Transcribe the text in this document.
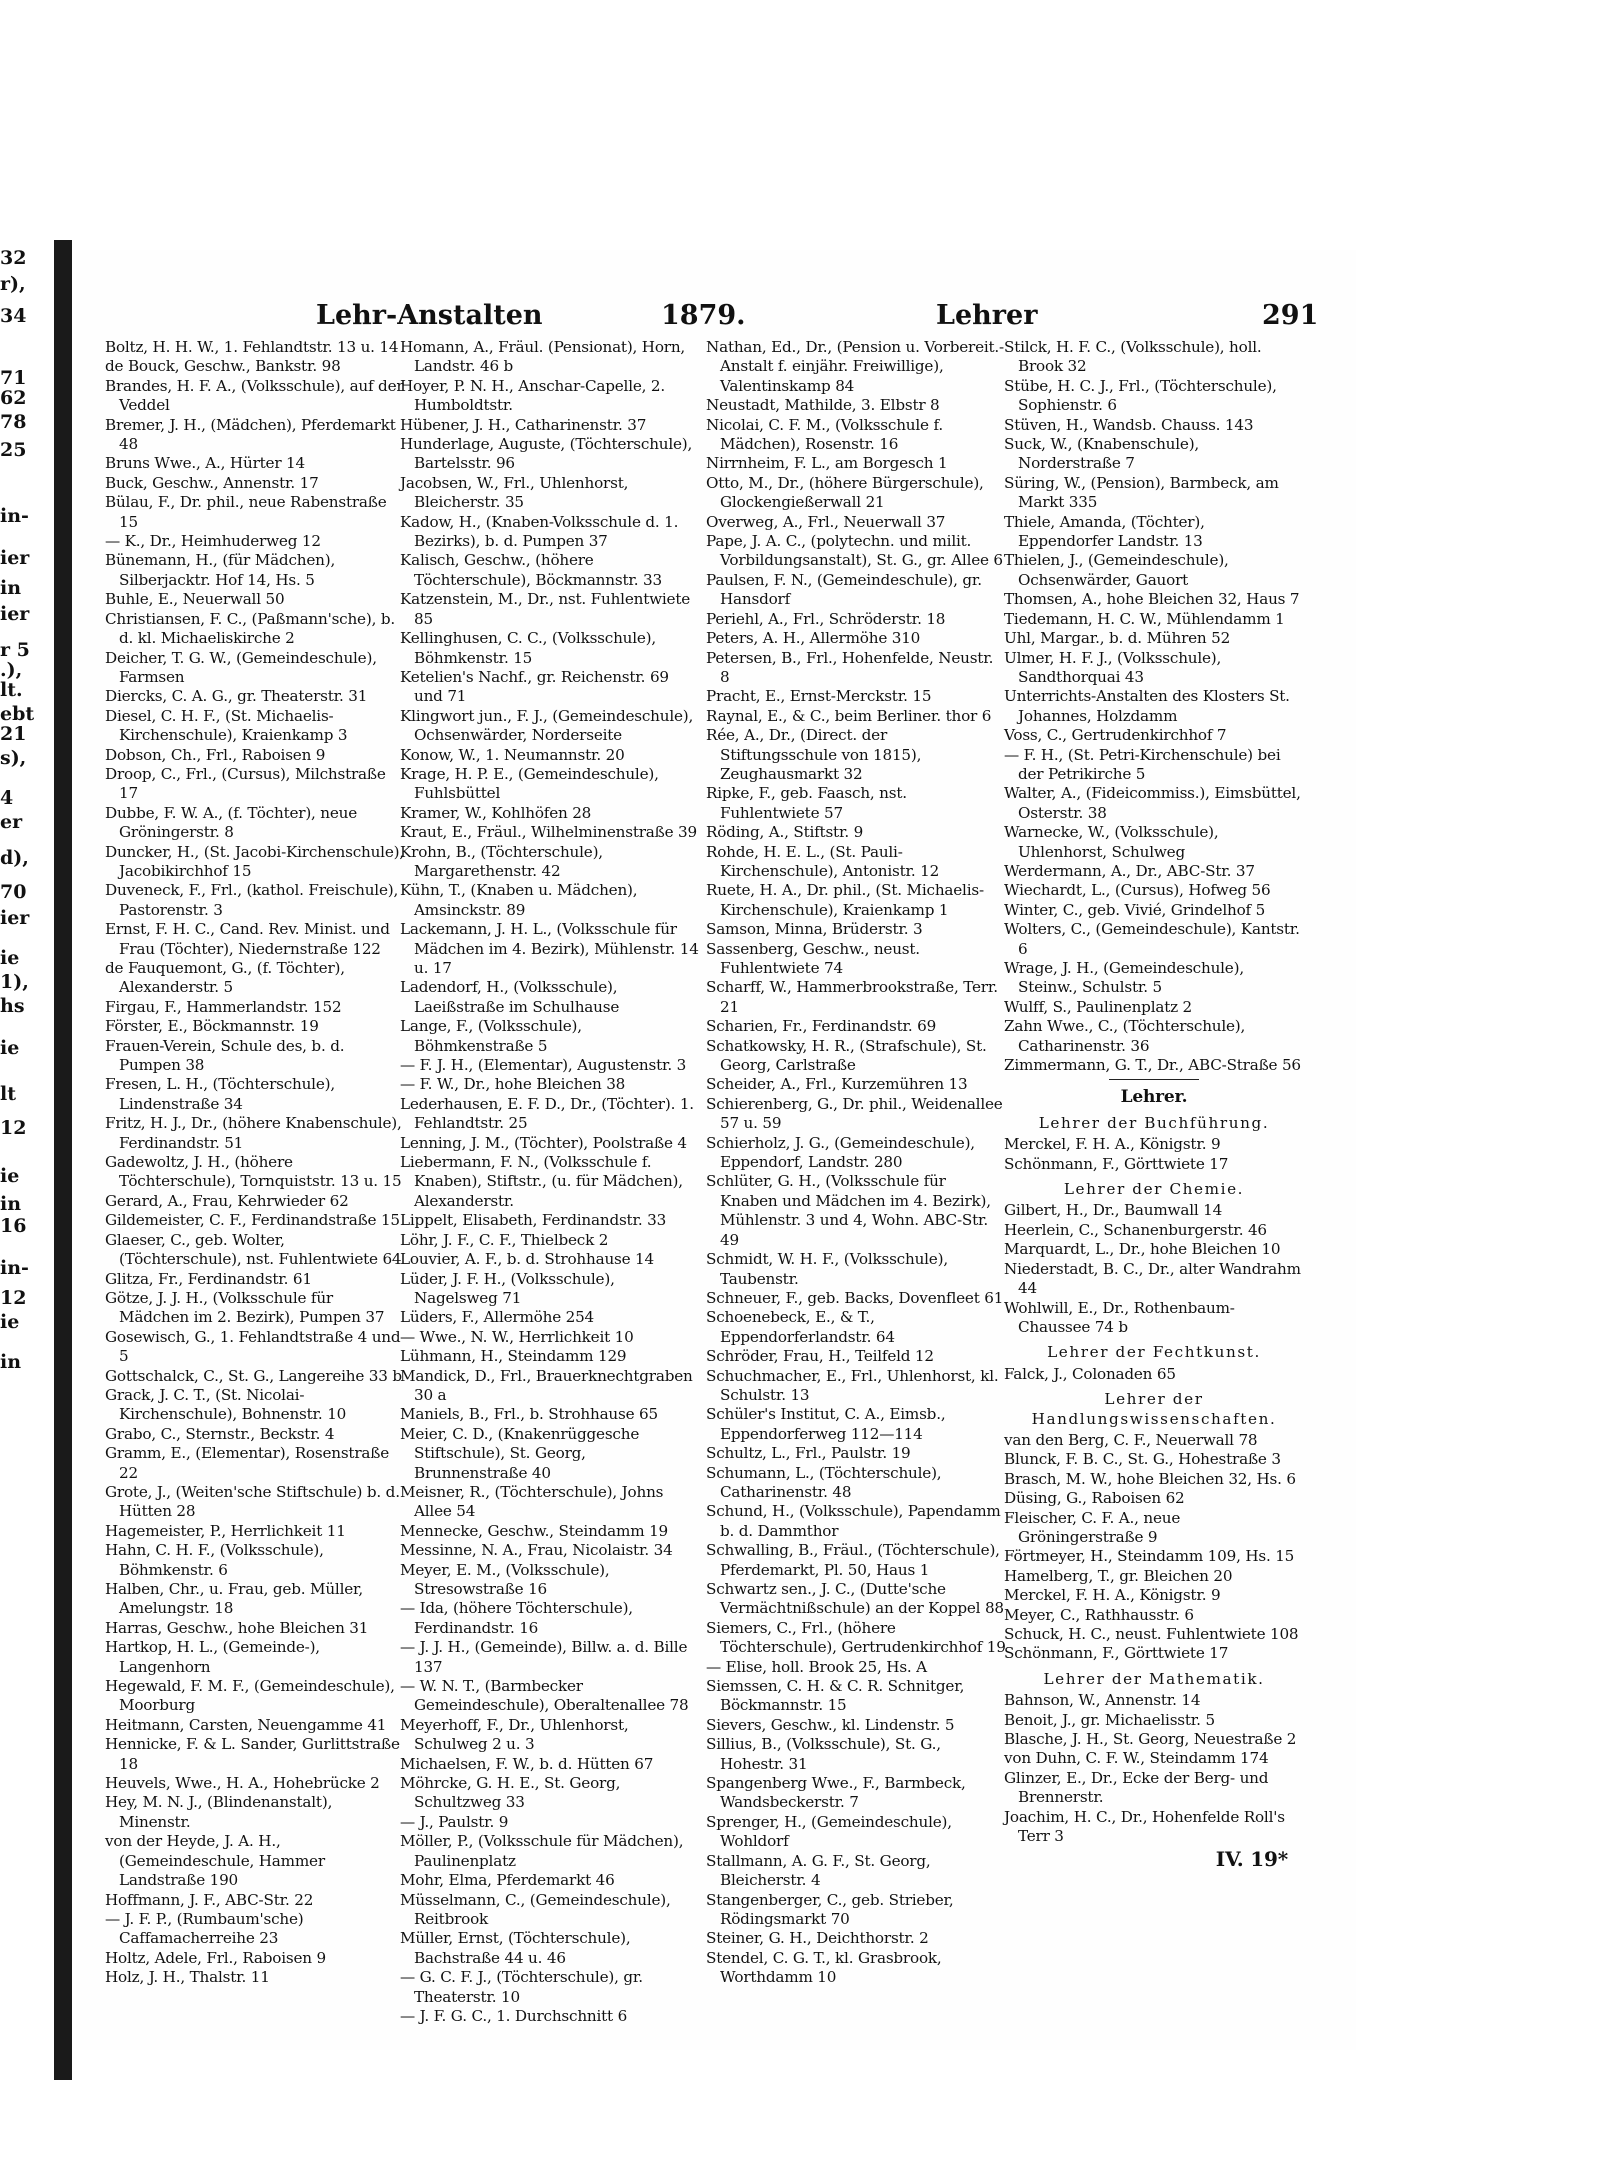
32
r),
34
71
62
78
25
in-
ier
in
ier
r 5
.),
lt.
ebt
21
s),
4
er
d),
70
ier
ie
1),
hs
ie
lt
12
ie
in
16
in-
12
ie
in
Lehr-Anstalten	1879.	Lehrer	291
Boltz, H. H. W., 1. Fehlandtstr. 13 u. 14
de Bouck, Geschw., Bankstr. 98
Brandes, H. F. A., (Volksschule), auf der Veddel
Bremer, J. H., (Mädchen), Pferdemarkt 48
Bruns Wwe., A., Hürter 14
Buck, Geschw., Annenstr. 17
Bülau, F., Dr. phil., neue Rabenstraße 15
— K., Dr., Heimhuderweg 12
Bünemann, H., (für Mädchen), Silberjacktr. Hof 14, Hs. 5
Buhle, E., Neuerwall 50
Christiansen, F. C., (Paßmann'sche), b. d. kl. Michaeliskirche 2
Deicher, T. G. W., (Gemeindeschule), Farmsen
Diercks, C. A. G., gr. Theaterstr. 31
Diesel, C. H. F., (St. Michaelis-Kirchenschule), Kraienkamp 3
Dobson, Ch., Frl., Raboisen 9
Droop, C., Frl., (Cursus), Milchstraße 17
Dubbe, F. W. A., (f. Töchter), neue Gröningerstr. 8
Duncker, H., (St. Jacobi-Kirchenschule), Jacobikirchhof 15
Duveneck, F., Frl., (kathol. Freischule), Pastorenstr. 3
Ernst, F. H. C., Cand. Rev. Minist. und Frau (Töchter), Niedernstraße 122
de Fauquemont, G., (f. Töchter), Alexanderstr. 5
Firgau, F., Hammerlandstr. 152
Förster, E., Böckmannstr. 19
Frauen-Verein, Schule des, b. d. Pumpen 38
Fresen, L. H., (Töchterschule), Lindenstraße 34
Fritz, H. J., Dr., (höhere Knabenschule), Ferdinandstr. 51
Gadewoltz, J. H., (höhere Töchterschule), Tornquiststr. 13 u. 15
Gerard, A., Frau, Kehrwieder 62
Gildemeister, C. F., Ferdinandstraße 15
Glaeser, C., geb. Wolter, (Töchterschule), nst. Fuhlentwiete 64
Glitza, Fr., Ferdinandstr. 61
Götze, J. J. H., (Volksschule für Mädchen im 2. Bezirk), Pumpen 37
Gosewisch, G., 1. Fehlandtstraße 4 und 5
Gottschalck, C., St. G., Langereihe 33 b
Grack, J. C. T., (St. Nicolai-Kirchenschule), Bohnenstr. 10
Grabo, C., Sternstr., Beckstr. 4
Gramm, E., (Elementar), Rosenstraße 22
Grote, J., (Weiten'sche Stiftschule) b. d. Hütten 28
Hagemeister, P., Herrlichkeit 11
Hahn, C. H. F., (Volksschule), Böhmkenstr. 6
Halben, Chr., u. Frau, geb. Müller, Amelungstr. 18
Harras, Geschw., hohe Bleichen 31
Hartkop, H. L., (Gemeinde-), Langenhorn
Hegewald, F. M. F., (Gemeindeschule), Moorburg
Heitmann, Carsten, Neuengamme 41
Hennicke, F. & L. Sander, Gurlittstraße 18
Heuvels, Wwe., H. A., Hohebrücke 2
Hey, M. N. J., (Blindenanstalt), Minenstr.
von der Heyde, J. A. H., (Gemeindeschule, Hammer Landstraße 190
Hoffmann, J. F., ABC-Str. 22
— J. F. P., (Rumbaum'sche) Caffamacherreihe 23
Holtz, Adele, Frl., Raboisen 9
Holz, J. H., Thalstr. 11
Homann, A., Fräul. (Pensionat), Horn, Landstr. 46 b
Hoyer, P. N. H., Anschar-Capelle, 2. Humboldtstr.
Hübener, J. H., Catharinenstr. 37
Hunderlage, Auguste, (Töchterschule), Bartelsstr. 96
Jacobsen, W., Frl., Uhlenhorst, Bleicherstr. 35
Kadow, H., (Knaben-Volksschule d. 1. Bezirks), b. d. Pumpen 37
Kalisch, Geschw., (höhere Töchterschule), Böckmannstr. 33
Katzenstein, M., Dr., nst. Fuhlentwiete 85
Kellinghusen, C. C., (Volksschule), Böhmkenstr. 15
Ketelien's Nachf., gr. Reichenstr. 69 und 71
Klingwort jun., F. J., (Gemeindeschule), Ochsenwärder, Norderseite
Konow, W., 1. Neumannstr. 20
Krage, H. P. E., (Gemeindeschule), Fuhlsbüttel
Kramer, W., Kohlhöfen 28
Kraut, E., Fräul., Wilhelminenstraße 39
Krohn, B., (Töchterschule), Margarethenstr. 42
Kühn, T., (Knaben u. Mädchen), Amsinckstr. 89
Lackemann, J. H. L., (Volksschule für Mädchen im 4. Bezirk), Mühlenstr. 14 u. 17
Ladendorf, H., (Volksschule), Laeißstraße im Schulhause
Lange, F., (Volksschule), Böhmkenstraße 5
— F. J. H., (Elementar), Augustenstr. 3
— F. W., Dr., hohe Bleichen 38
Lederhausen, E. F. D., Dr., (Töchter). 1. Fehlandtstr. 25
Lenning, J. M., (Töchter), Poolstraße 4
Liebermann, F. N., (Volksschule f. Knaben), Stiftstr., (u. für Mädchen), Alexanderstr.
Lippelt, Elisabeth, Ferdinandstr. 33
Löhr, J. F., C. F., Thielbeck 2
Louvier, A. F., b. d. Strohhause 14
Lüder, J. F. H., (Volksschule), Nagelsweg 71
Lüders, F., Allermöhe 254
— Wwe., N. W., Herrlichkeit 10
Lühmann, H., Steindamm 129
Mandick, D., Frl., Brauerknechtgraben 30 a
Maniels, B., Frl., b. Strohhause 65
Meier, C. D., (Knakenrüggesche Stiftschule), St. Georg, Brunnenstraße 40
Meisner, R., (Töchterschule), Johns Allee 54
Mennecke, Geschw., Steindamm 19
Messinne, N. A., Frau, Nicolaistr. 34
Meyer, E. M., (Volksschule), Stresowstraße 16
— Ida, (höhere Töchterschule), Ferdinandstr. 16
— J. J. H., (Gemeinde), Billw. a. d. Bille 137
— W. N. T., (Barmbecker Gemeindeschule), Oberaltenallee 78
Meyerhoff, F., Dr., Uhlenhorst, Schulweg 2 u. 3
Michaelsen, F. W., b. d. Hütten 67
Möhrcke, G. H. E., St. Georg, Schultzweg 33
— J., Paulstr. 9
Möller, P., (Volksschule für Mädchen), Paulinenplatz
Mohr, Elma, Pferdemarkt 46
Müsselmann, C., (Gemeindeschule), Reitbrook
Müller, Ernst, (Töchterschule), Bachstraße 44 u. 46
— G. C. F. J., (Töchterschule), gr. Theaterstr. 10
— J. F. G. C., 1. Durchschnitt 6
Nathan, Ed., Dr., (Pension u. Vorbereit.-Anstalt f. einjähr. Freiwillige), Valentinskamp 84
Neustadt, Mathilde, 3. Elbstr 8
Nicolai, C. F. M., (Volksschule f. Mädchen), Rosenstr. 16
Nirrnheim, F. L., am Borgesch 1
Otto, M., Dr., (höhere Bürgerschule), Glockengießerwall 21
Overweg, A., Frl., Neuerwall 37
Pape, J. A. C., (polytechn. und milit. Vorbildungsanstalt), St. G., gr. Allee 6
Paulsen, F. N., (Gemeindeschule), gr. Hansdorf
Periehl, A., Frl., Schröderstr. 18
Peters, A. H., Allermöhe 310
Petersen, B., Frl., Hohenfelde, Neustr. 8
Pracht, E., Ernst-Merckstr. 15
Raynal, E., & C., beim Berliner. thor 6
Rée, A., Dr., (Direct. der Stiftungsschule von 1815), Zeughausmarkt 32
Ripke, F., geb. Faasch, nst. Fuhlentwiete 57
Röding, A., Stiftstr. 9
Rohde, H. E. L., (St. Pauli-Kirchenschule), Antonistr. 12
Ruete, H. A., Dr. phil., (St. Michaelis-Kirchenschule), Kraienkamp 1
Samson, Minna, Brüderstr. 3
Sassenberg, Geschw., neust. Fuhlentwiete 74
Scharff, W., Hammerbrookstraße, Terr. 21
Scharien, Fr., Ferdinandstr. 69
Schatkowsky, H. R., (Strafschule), St. Georg, Carlstraße
Scheider, A., Frl., Kurzemühren 13
Schierenberg, G., Dr. phil., Weidenallee 57 u. 59
Schierholz, J. G., (Gemeindeschule), Eppendorf, Landstr. 280
Schlüter, G. H., (Volksschule für Knaben und Mädchen im 4. Bezirk), Mühlenstr. 3 und 4, Wohn. ABC-Str. 49
Schmidt, W. H. F., (Volksschule), Taubenstr.
Schneuer, F., geb. Backs, Dovenfleet 61
Schoenebeck, E., & T., Eppendorferlandstr. 64
Schröder, Frau, H., Teilfeld 12
Schuchmacher, E., Frl., Uhlenhorst, kl. Schulstr. 13
Schüler's Institut, C. A., Eimsb., Eppendorferweg 112—114
Schultz, L., Frl., Paulstr. 19
Schumann, L., (Töchterschule), Catharinenstr. 48
Schund, H., (Volksschule), Papendamm b. d. Dammthor
Schwalling, B., Fräul., (Töchterschule), Pferdemarkt, Pl. 50, Haus 1
Schwartz sen., J. C., (Dutte'sche Vermächtnißschule) an der Koppel 88
Siemers, C., Frl., (höhere Töchterschule), Gertrudenkirchhof 19
— Elise, holl. Brook 25, Hs. A
Siemssen, C. H. & C. R. Schnitger, Böckmannstr. 15
Sievers, Geschw., kl. Lindenstr. 5
Sillius, B., (Volksschule), St. G., Hohestr. 31
Spangenberg Wwe., F., Barmbeck, Wandsbeckerstr. 7
Sprenger, H., (Gemeindeschule), Wohldorf
Stallmann, A. G. F., St. Georg, Bleicherstr. 4
Stangenberger, C., geb. Strieber, Rödingsmarkt 70
Steiner, G. H., Deichthorstr. 2
Stendel, C. G. T., kl. Grasbrook, Worthdamm 10
Stilck, H. F. C., (Volksschule), holl. Brook 32
Stübe, H. C. J., Frl., (Töchterschule), Sophienstr. 6
Stüven, H., Wandsb. Chauss. 143
Suck, W., (Knabenschule), Norderstraße 7
Süring, W., (Pension), Barmbeck, am Markt 335
Thiele, Amanda, (Töchter), Eppendorfer Landstr. 13
Thielen, J., (Gemeindeschule), Ochsenwärder, Gauort
Thomsen, A., hohe Bleichen 32, Haus 7
Tiedemann, H. C. W., Mühlendamm 1
Uhl, Margar., b. d. Mühren 52
Ulmer, H. F. J., (Volksschule), Sandthorquai 43
Unterrichts-Anstalten des Klosters St. Johannes, Holzdamm
Voss, C., Gertrudenkirchhof 7
— F. H., (St. Petri-Kirchenschule) bei der Petrikirche 5
Walter, A., (Fideicommiss.), Eimsbüttel, Osterstr. 38
Warnecke, W., (Volksschule), Uhlenhorst, Schulweg
Werdermann, A., Dr., ABC-Str. 37
Wiechardt, L., (Cursus), Hofweg 56
Winter, C., geb. Vivié, Grindelhof 5
Wolters, C., (Gemeindeschule), Kantstr. 6
Wrage, J. H., (Gemeindeschule), Steinw., Schulstr. 5
Wulff, S., Paulinenplatz 2
Zahn Wwe., C., (Töchterschule), Catharinenstr. 36
Zimmermann, G. T., Dr., ABC-Straße 56
Lehrer.
Lehrer der Buchführung.
Merckel, F. H. A., Königstr. 9
Schönmann, F., Görttwiete 17
Lehrer der Chemie.
Gilbert, H., Dr., Baumwall 14
Heerlein, C., Schanenburgerstr. 46
Marquardt, L., Dr., hohe Bleichen 10
Niederstadt, B. C., Dr., alter Wandrahm 44
Wohlwill, E., Dr., Rothenbaum-Chaussee 74 b
Lehrer der Fechtkunst.
Falck, J., Colonaden 65
Lehrer der Handlungswissenschaften.
van den Berg, C. F., Neuerwall 78
Blunck, F. B. C., St. G., Hohestraße 3
Brasch, M. W., hohe Bleichen 32, Hs. 6
Düsing, G., Raboisen 62
Fleischer, C. F. A., neue Gröningerstraße 9
Förtmeyer, H., Steindamm 109, Hs. 15
Hamelberg, T., gr. Bleichen 20
Merckel, F. H. A., Königstr. 9
Meyer, C., Rathhausstr. 6
Schuck, H. C., neust. Fuhlentwiete 108
Schönmann, F., Görttwiete 17
Lehrer der Mathematik.
Bahnson, W., Annenstr. 14
Benoit, J., gr. Michaelisstr. 5
Blasche, J. H., St. Georg, Neuestraße 2
von Duhn, C. F. W., Steindamm 174
Glinzer, E., Dr., Ecke der Berg- und Brennerstr.
Joachim, H. C., Dr., Hohenfelde Roll's Terr 3
IV. 19*
